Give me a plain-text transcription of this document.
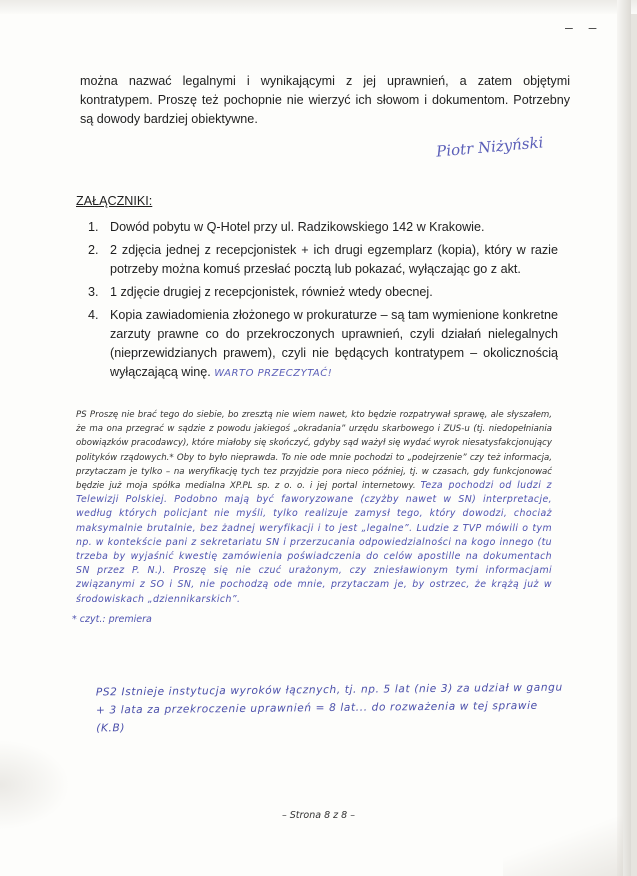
– –
można nazwać legalnymi i wynikającymi z jej uprawnień, a zatem objętymi kontratypem. Proszę też pochopnie nie wierzyć ich słowom i dokumentom. Potrzebny są dowody bardziej obiektywne.
Piotr Niżyński
ZAŁĄCZNIKI:
1. Dowód pobytu w Q-Hotel przy ul. Radzikowskiego 142 w Krakowie.
2. 2 zdjęcia jednej z recepcjonistek + ich drugi egzemplarz (kopia), który w razie potrzeby można komuś przesłać pocztą lub pokazać, wyłączając go z akt.
3. 1 zdjęcie drugiej z recepcjonistek, również wtedy obecnej.
4. Kopia zawiadomienia złożonego w prokuraturze – są tam wymienione konkretne zarzuty prawne co do przekroczonych uprawnień, czyli działań nielegalnych (nieprzewidzianych prawem), czyli nie będących kontratypem – okolicznością wyłączającą winę. WARTO PRZECZYTAĆ!
PS Proszę nie brać tego do siebie, bo zresztą nie wiem nawet, kto będzie rozpatrywał sprawę, ale słyszałem, że ma ona przegrać w sądzie z powodu jakiegoś „okradania” urzędu skarbowego i ZUS-u (tj. niedopełniania obowiązków pracodawcy), które miałoby się skończyć, gdyby sąd ważył się wydać wyrok niesatysfakcjonujący polityków rządowych.* Oby to było nieprawda. To nie ode mnie pochodzi to „podejrzenie” czy też informacja, przytaczam je tylko – na weryfikację tych tez przyjdzie pora nieco później, tj. w czasach, gdy funkcjonować będzie już moja spółka medialna XP.PL sp. z o. o. i jej portal internetowy. Teza pochodzi od ludzi z Telewizji Polskiej. Podobno mają być faworyzowane (czyżby nawet w SN) interpretacje, według których policjant nie myśli, tylko realizuje zamysł tego, który dowodzi, chociaż maksymalnie brutalnie, bez żadnej weryfikacji i to jest „legalne”. Ludzie z TVP mówili o tym np. w kontekście pani z sekretariatu SN i przerzucania odpowiedzialności na kogo innego (tu trzeba by wyjaśnić kwestię zamówienia poświadczenia do celów apostille na dokumentach SN przez P. N.). Proszę się nie czuć urażonym, czy zniesławionym tymi informacjami związanymi z SO i SN, nie pochodzą ode mnie, przytaczam je, by ostrzec, że krążą już w środowiskach „dziennikarskich”.
* czyt.: premiera
PS2 Istnieje instytucja wyroków łącznych, tj. np. 5 lat (nie 3) za udział w gangu + 3 lata za przekroczenie uprawnień = 8 lat... do rozważenia w tej sprawie (K.B)
– Strona 8 z 8 –
